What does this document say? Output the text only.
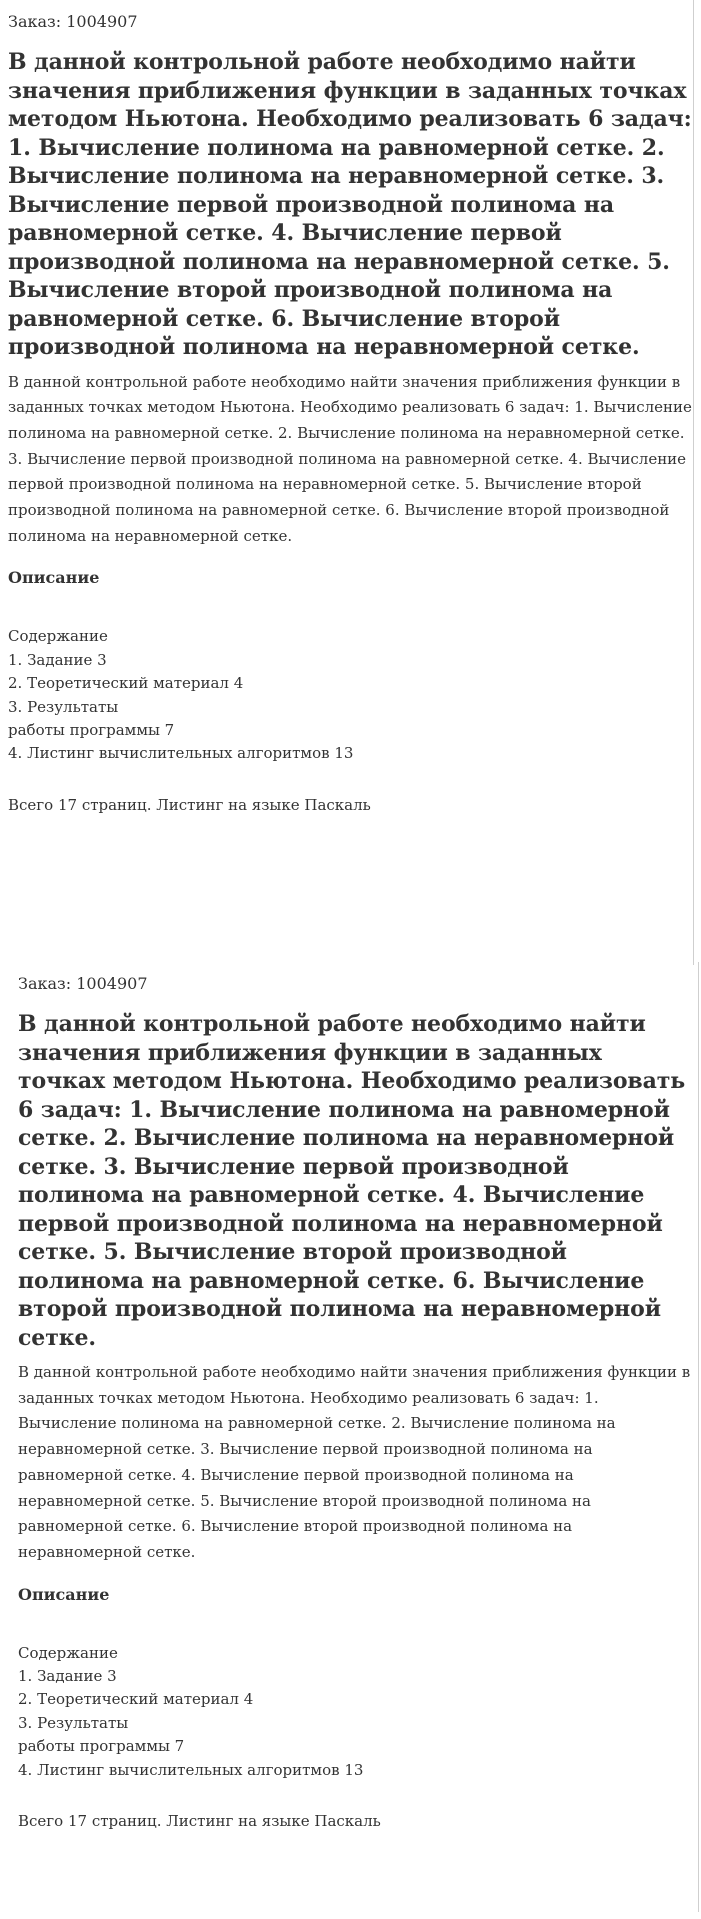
Заказ: 1004907
В данной контрольной работе необходимо найти значения приближения функции в заданных точках методом Ньютона. Необходимо реализовать 6 задач: 1. Вычисление полинома на равномерной сетке. 2. Вычисление полинома на неравномерной сетке. 3. Вычисление первой производной полинома на равномерной сетке. 4. Вычисление первой производной полинома на неравномерной сетке. 5. Вычисление второй производной полинома на равномерной сетке. 6. Вычисление второй производной полинома на неравномерной сетке.

В данной контрольной работе необходимо найти значения приближения функции в заданных точках методом Ньютона. Необходимо реализовать 6 задач: 1. Вычисление полинома на равномерной сетке. 2. Вычисление полинома на неравномерной сетке. 3. Вычисление первой производной полинома на равномерной сетке. 4. Вычисление первой производной полинома на неравномерной сетке. 5. Вычисление второй производной полинома на равномерной сетке. 6. Вычисление второй производной полинома на неравномерной сетке.

Описание
Содержание
1. Задание 3
2. Теоретический материал 4
3. Результаты
работы программы 7
4. Листинг вычислительных алгоритмов 13
Всего 17 страниц. Листинг на языке Паскаль
Заказ: 1004907
В данной контрольной работе необходимо найти значения приближения функции в заданных точках методом Ньютона. Необходимо реализовать 6 задач: 1. Вычисление полинома на равномерной сетке. 2. Вычисление полинома на неравномерной сетке. 3. Вычисление первой производной полинома на равномерной сетке. 4. Вычисление первой производной полинома на неравномерной сетке. 5. Вычисление второй производной полинома на равномерной сетке. 6. Вычисление второй производной полинома на неравномерной сетке.

В данной контрольной работе необходимо найти значения приближения функции в заданных точках методом Ньютона. Необходимо реализовать 6 задач: 1. Вычисление полинома на равномерной сетке. 2. Вычисление полинома на неравномерной сетке. 3. Вычисление первой производной полинома на равномерной сетке. 4. Вычисление первой производной полинома на неравномерной сетке. 5. Вычисление второй производной полинома на равномерной сетке. 6. Вычисление второй производной полинома на неравномерной сетке.

Описание
Содержание
1. Задание 3
2. Теоретический материал 4
3. Результаты
работы программы 7
4. Листинг вычислительных алгоритмов 13
Всего 17 страниц. Листинг на языке Паскаль
